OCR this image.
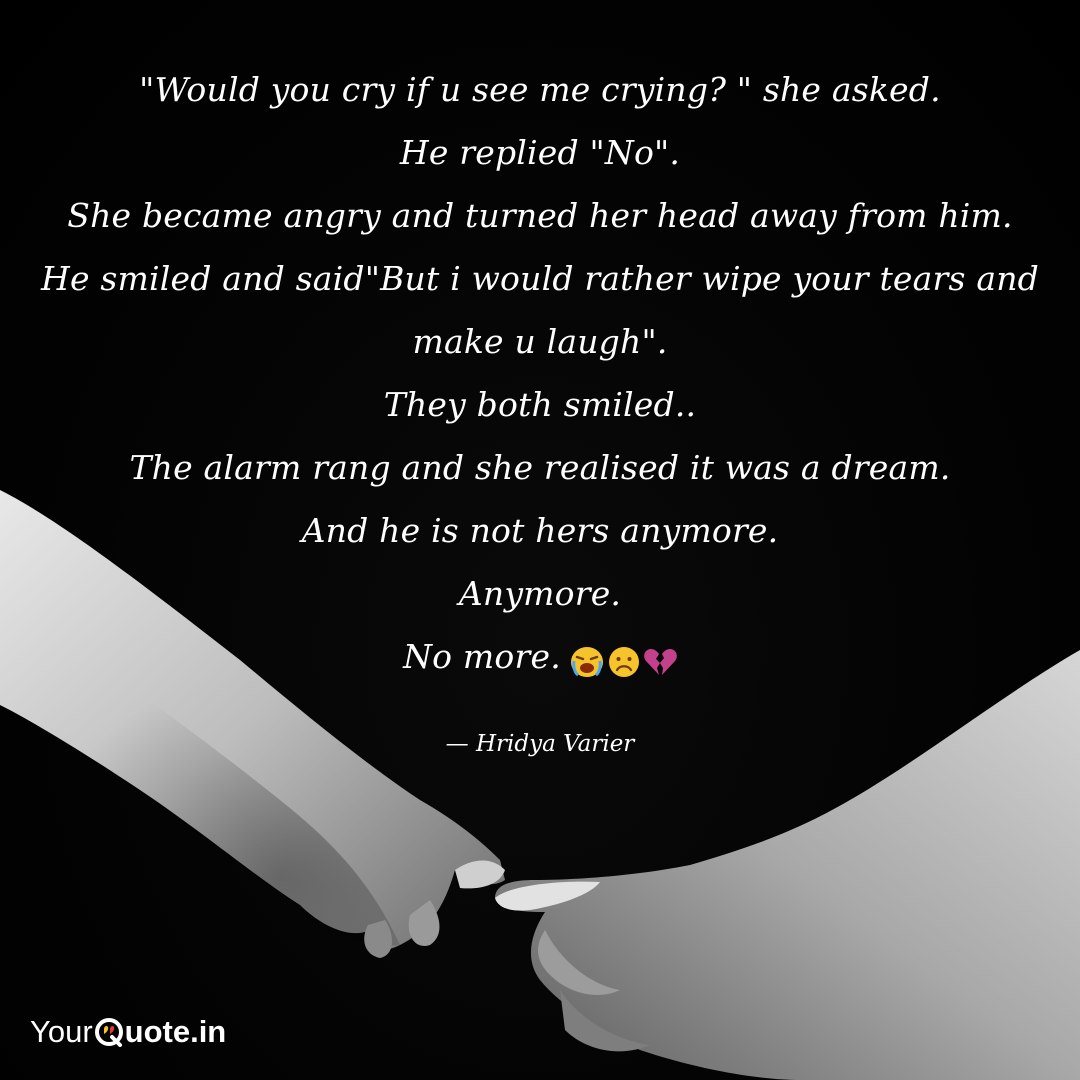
"Would you cry if u see me crying? " she asked.
He replied "No".
She became angry and turned her head away from him.
He smiled and said"But i would rather wipe your tears and
make u laugh".
They both smiled..
The alarm rang and she realised it was a dream.
And he is not hers anymore.
Anymore.
No more.
— Hridya Varier
Your uote.in
